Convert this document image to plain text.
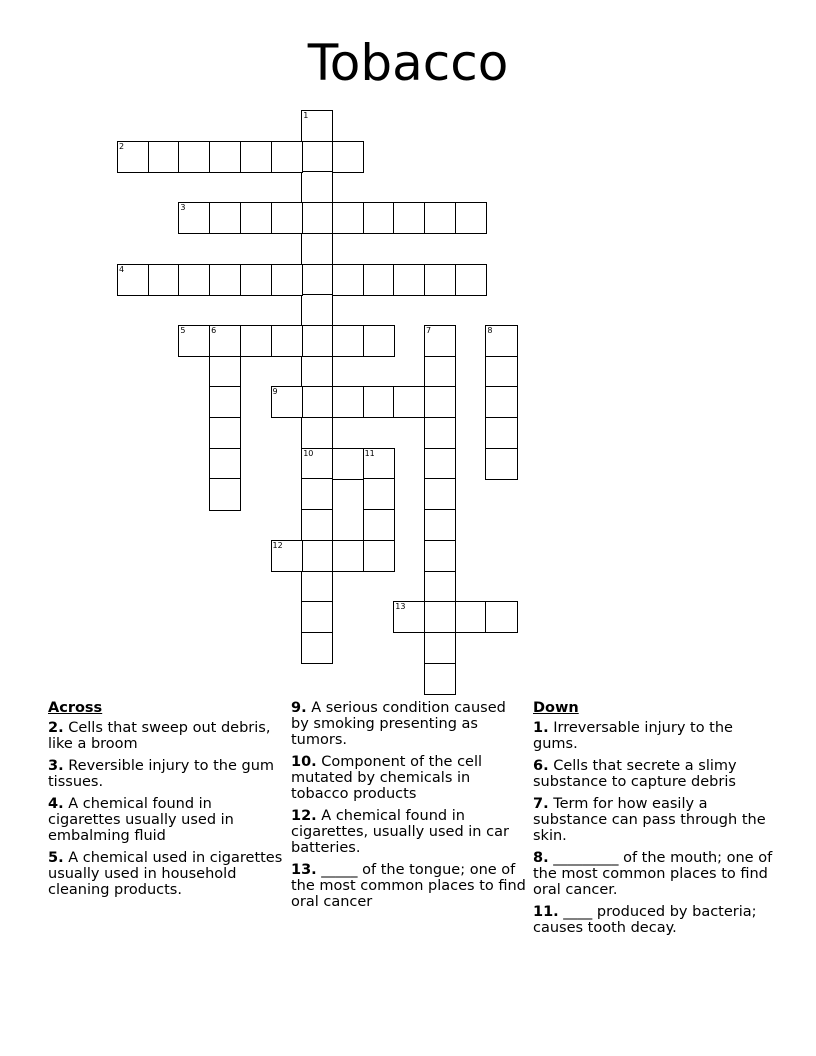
Tobacco
1
10
2
3
4
5	6	7	8
9
11
12
13
Across
2. Cells that sweep out debris, like a broom
3. Reversible injury to the gum tissues.
4. A chemical found in cigarettes usually used in embalming fluid
5. A chemical used in cigarettes usually used in household cleaning products.
9. A serious condition caused by smoking presenting as tumors.
10. Component of the cell mutated by chemicals in tobacco products
12. A chemical found in cigarettes, usually used in car batteries.
13. _____ of the tongue; one of the most common places to find oral cancer
Down
1. Irreversable injury to the gums.
6. Cells that secrete a slimy substance to capture debris
7. Term for how easily a substance can pass through the skin.
8. _________ of the mouth; one of the most common places to find oral cancer.
11. ____ produced by bacteria; causes tooth decay.
